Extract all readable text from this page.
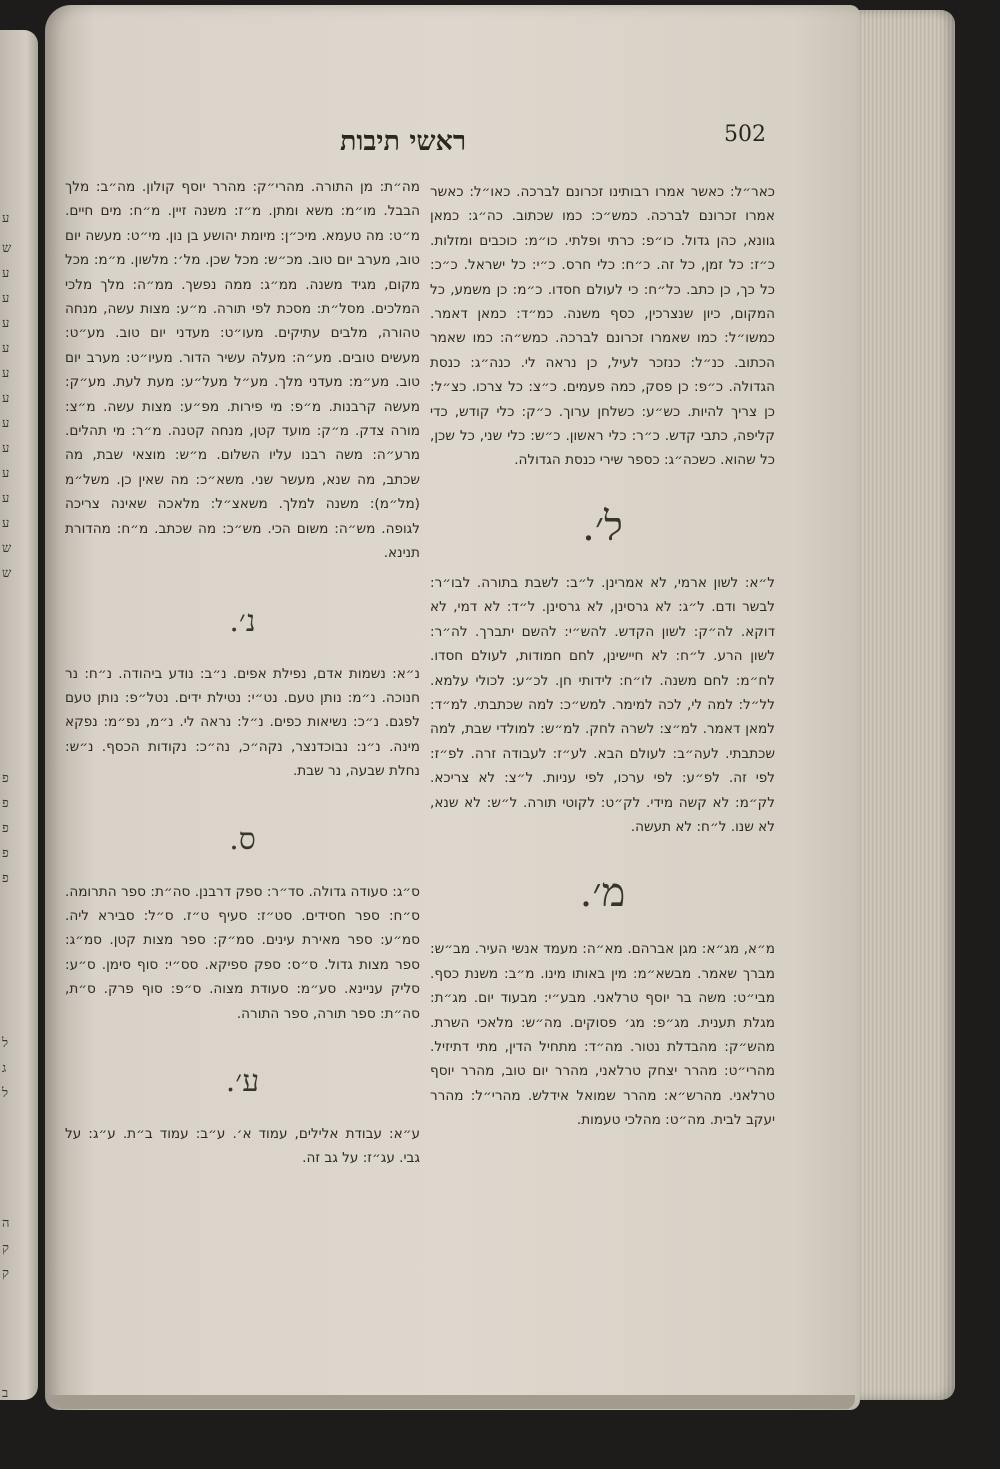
ע
ש
ע
ע
ע
ע
ע
ע
ע
ע
ע
ע
ע
ש
ש
פ
פ
פ
פ
פ
ל
ג
ל
ה
ק
ק
ב
ראשי תיבות	502

כאר״ל: כאשר אמרו רבותינו זכרונם לברכה. כאו״ל: כאשר אמרו זכרונם לברכה. כמש״כ: כמו שכתוב. כה״ג: כמאן גוונא, כהן גדול. כו״פ: כרתי ופלתי. כו״מ: כוכבים ומזלות. כ״ז: כל זמן, כל זה. כ״ח: כלי חרס. כ״י: כל ישראל. כ״כ: כל כך, כן כתב. כל״ח: כי לעולם חסדו. כ״מ: כן משמע, כל המקום, כיון שנצרכין, כסף משנה. כמ״ד: כמאן דאמר. כמשו״ל: כמו שאמרו זכרונם לברכה. כמש״ה: כמו שאמר הכתוב. כנ״ל: כנזכר לעיל, כן נראה לי. כנה״ג: כנסת הגדולה. כ״פ: כן פסק, כמה פעמים. כ״צ: כל צרכו. כצ״ל: כן צריך להיות. כש״ע: כשלחן ערוך. כ״ק: כלי קודש, כדי קליפה, כתבי קדש. כ״ר: כלי ראשון. כ״ש: כלי שני, כל שכן, כל שהוא. כשכה״ג: כספר שירי כנסת הגדולה.

ל׳.

ל״א: לשון ארמי, לא אמרינן. ל״ב: לשבת בתורה. לבו״ר: לבשר ודם. ל״ג: לא גרסינן, לא גרסינן. ל״ד: לא דמי, לא דוקא. לה״ק: לשון הקדש. להש״י: להשם יתברך. לה״ר: לשון הרע. ל״ח: לא חיישינן, לחם חמודות, לעולם חסדו. לח״מ: לחם משנה. לו״ח: לידותי חן. לכ״ע: לכולי עלמא. לל״ל: למה לי, לכה למימר. למש״כ: למה שכתבתי. למ״ד: למאן דאמר. למ״צ: לשרה לחק. למ״ש: למולדי שבת, למה שכתבתי. לעה״ב: לעולם הבא. לע״ז: לעבודה זרה. לפ״ז: לפי זה. לפ״ע: לפי ערכו, לפי עניות. ל״צ: לא צריכא. לק״מ: לא קשה מידי. לק״ט: לקוטי תורה. ל״ש: לא שנא, לא שנו. ל״ח: לא תעשה.

מ׳.

מ״א, מג״א: מגן אברהם. מא״ה: מעמד אנשי העיר. מב״ש: מברך שאמר. מבשא״מ: מין באותו מינו. מ״ב: משנת כסף. מבי״ט: משה בר יוסף טרלאני. מבע״י: מבעוד יום. מג״ת: מגלת תענית. מג״פ: מג׳ פסוקים. מה״ש: מלאכי השרת. מהש״ק: מהבדלת נטור. מה״ד: מתחיל הדין, מתי דתיזיל. מהרי״ט: מהרר יצחק טרלאני, מהרר יום טוב, מהרר יוסף טרלאני. מהרש״א: מהרר שמואל אידלש. מהרי״ל: מהרר יעקב לבית. מה״ט: מהלכי טעמות.

מה״ת: מן התורה. מהרי״ק: מהרר יוסף קולון. מה״ב: מלך הבבל. מו״מ: משא ומתן. מ״ז: משנה זיין. מ״ח: מים חיים. מ״ט: מה טעמא. מיכ״ן: מיומת יהושע בן נון. מי״ט: מעשה יום טוב, מערב יום טוב. מכ״ש: מכל שכן. מל׳: מלשון. מ״מ: מכל מקום, מגיד משנה. ממ״ג: ממה נפשך. ממ״ה: מלך מלכי המלכים. מסל״ת: מסכת לפי תורה. מ״ע: מצות עשה, מנחה טהורה, מלבים עתיקים. מעו״ט: מעדני יום טוב. מע״ט: מעשים טובים. מע״ה: מעלה עשיר הדור. מעיו״ט: מערב יום טוב. מע״מ: מעדני מלך. מע״ל מעל״ע: מעת לעת. מע״ק: מעשה קרבנות. מ״פ: מי פירות. מפ״ע: מצות עשה. מ״צ: מורה צדק. מ״ק: מועד קטן, מנחה קטנה. מ״ר: מי תהלים. מרע״ה: משה רבנו עליו השלום. מ״ש: מוצאי שבת, מה שכתב, מה שנא, מעשר שני. משא״כ: מה שאין כן. משל״מ (מל״מ): משנה למלך. משאצ״ל: מלאכה שאינה צריכה לגופה. מש״ה: משום הכי. מש״כ: מה שכתב. מ״ח: מהדורת תנינא.

נ׳.

נ״א: נשמות אדם, נפילת אפים. נ״ב: נודע ביהודה. נ״ח: נר חנוכה. נ״מ: נותן טעם. נט״י: נטילת ידים. נטל״פ: נותן טעם לפגם. נ״כ: נשיאות כפים. נ״ל: נראה לי. נ״מ, נפ״מ: נפקא מינה. נ״נ: נבוכדנצר, נקה״כ, נה״כ: נקודות הכסף. נ״ש: נחלת שבעה, נר שבת.

ס.

ס״ג: סעודה גדולה. סד״ר: ספק דרבנן. סה״ת: ספר התרומה. ס״ח: ספר חסידים. סט״ז: סעיף ט״ז. ס״ל: סבירא ליה. סמ״ע: ספר מאירת עינים. סמ״ק: ספר מצות קטן. סמ״ג: ספר מצות גדול. ס״ס: ספק ספיקא. סס״י: סוף סימן. ס״ע: סליק עניינא. סע״מ: סעודת מצוה. ס״פ: סוף פרק. ס״ת, סה״ת: ספר תורה, ספר התורה.

ע׳.

ע״א: עבודת אלילים, עמוד א׳. ע״ב: עמוד ב״ת. ע״ג: על גבי. עג״ז: על גב זה.
